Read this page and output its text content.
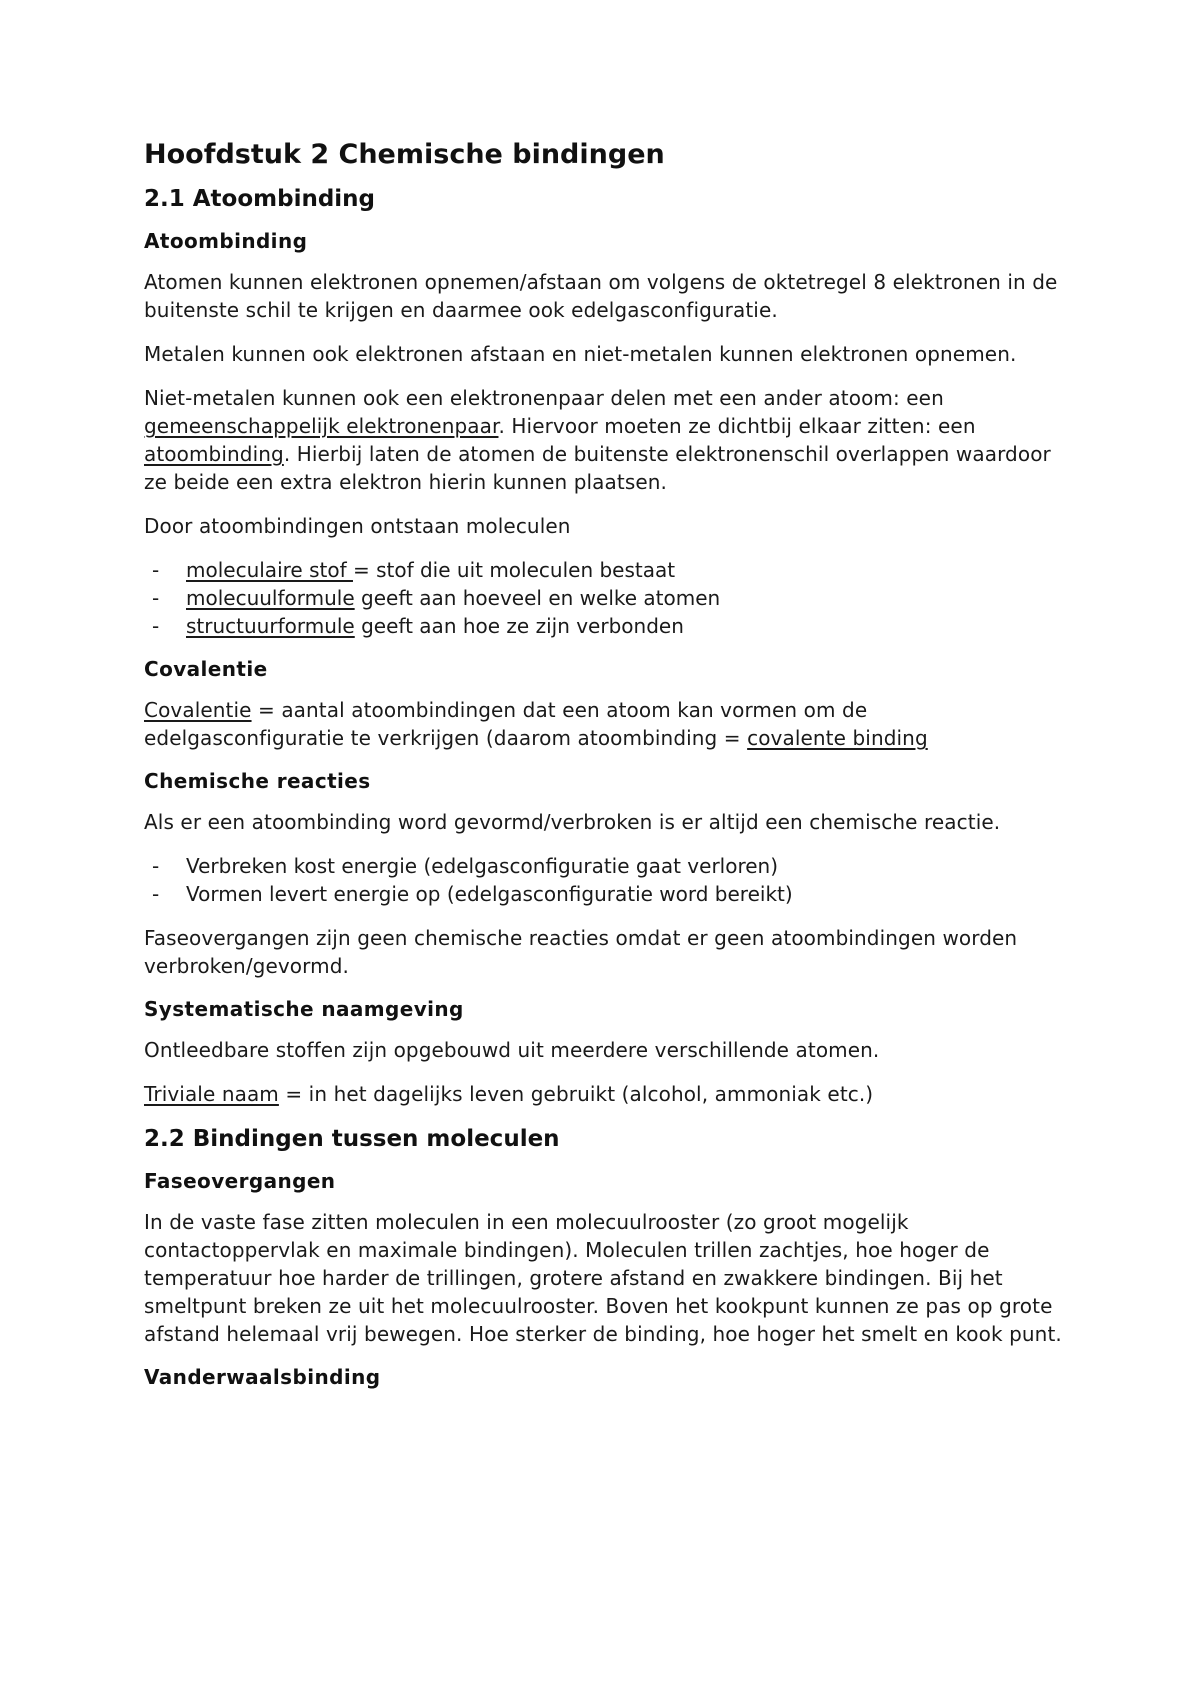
Hoofdstuk 2 Chemische bindingen
2.1 Atoombinding
Atoombinding

Atomen kunnen elektronen opnemen/afstaan om volgens de oktetregel 8 elektronen in de buitenste schil te krijgen en daarmee ook edelgasconfiguratie.

Metalen kunnen ook elektronen afstaan en niet-metalen kunnen elektronen opnemen.

Niet-metalen kunnen ook een elektronenpaar delen met een ander atoom: een gemeenschappelijk elektronenpaar. Hiervoor moeten ze dichtbij elkaar zitten: een atoombinding. Hierbij laten de atomen de buitenste elektronenschil overlappen waardoor ze beide een extra elektron hierin kunnen plaatsen.

Door atoombindingen ontstaan moleculen

- moleculaire stof = stof die uit moleculen bestaat
- molecuulformule geeft aan hoeveel en welke atomen
- structuurformule geeft aan hoe ze zijn verbonden
Covalentie

Covalentie = aantal atoombindingen dat een atoom kan vormen om de edelgasconfiguratie te verkrijgen (daarom atoombinding = covalente binding

Chemische reacties

Als er een atoombinding word gevormd/verbroken is er altijd een chemische reactie.

- Verbreken kost energie (edelgasconfiguratie gaat verloren)
- Vormen levert energie op (edelgasconfiguratie word bereikt)

Faseovergangen zijn geen chemische reacties omdat er geen atoombindingen worden verbroken/gevormd.

Systematische naamgeving

Ontleedbare stoffen zijn opgebouwd uit meerdere verschillende atomen.

Triviale naam = in het dagelijks leven gebruikt (alcohol, ammoniak etc.)

2.2 Bindingen tussen moleculen
Faseovergangen

In de vaste fase zitten moleculen in een molecuulrooster (zo groot mogelijk contactoppervlak en maximale bindingen). Moleculen trillen zachtjes, hoe hoger de temperatuur hoe harder de trillingen, grotere afstand en zwakkere bindingen. Bij het smeltpunt breken ze uit het molecuulrooster. Boven het kookpunt kunnen ze pas op grote afstand helemaal vrij bewegen. Hoe sterker de binding, hoe hoger het smelt en kook punt.

Vanderwaalsbinding
